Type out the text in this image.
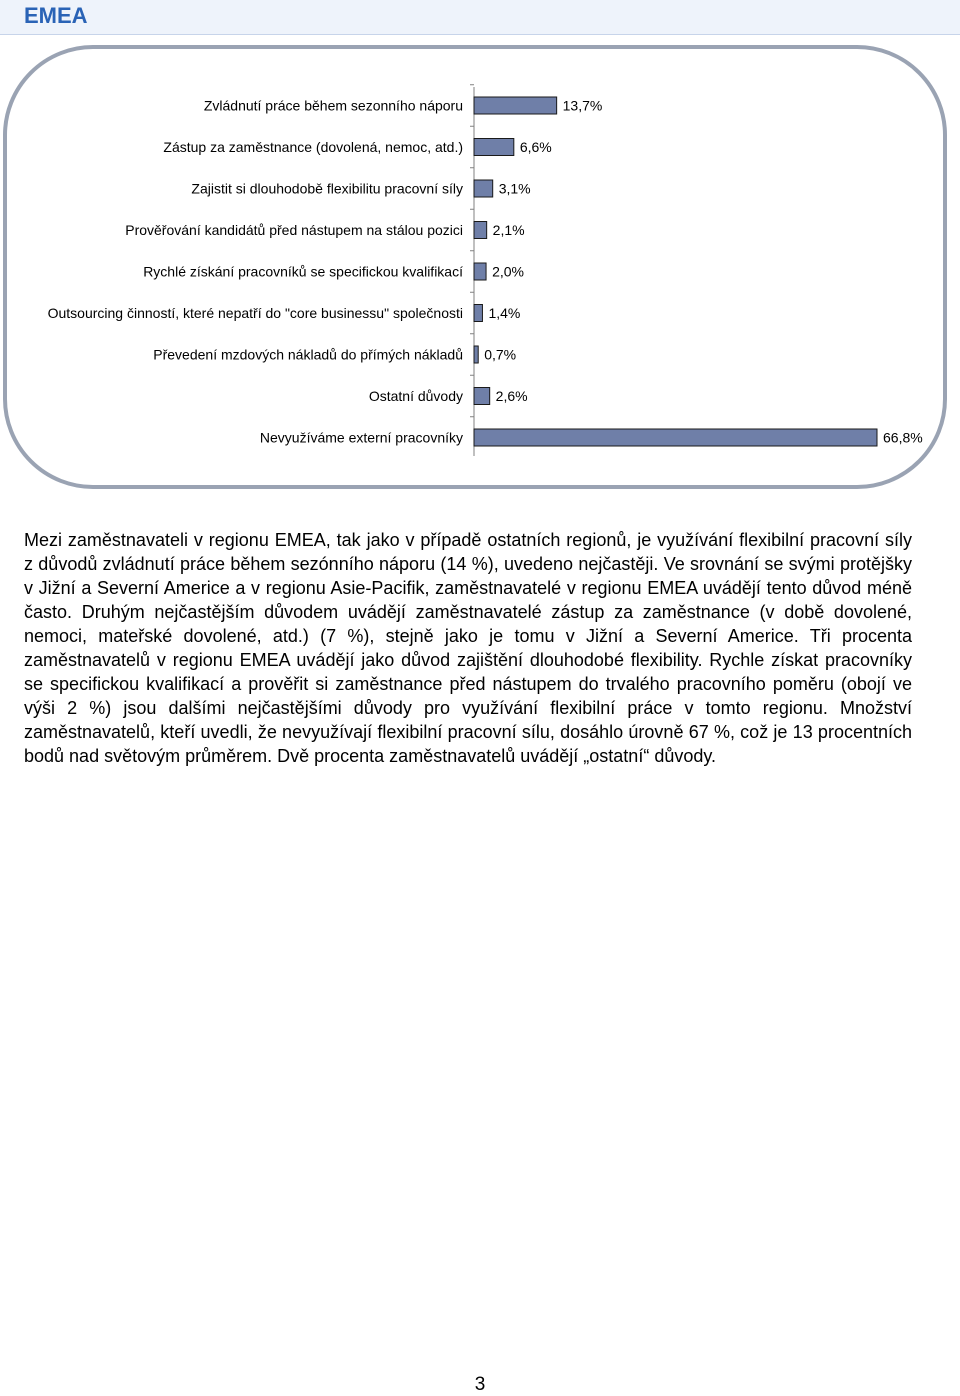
EMEA
Zvládnutí práce během sezonního náporu	13,7%
Zástup za zaměstnance (dovolená, nemoc, atd.)	6,6%
Zajistit si dlouhodobě flexibilitu pracovní síly	3,1%
Prověřování kandidátů před nástupem na stálou pozici 2,1%
Rychlé získání pracovníků se specifickou kvalifikací 2,0%
Outsourcing činností, které nepatří do "core businessu" společnosti 1,4%
Převedení mzdových nákladů do přímých nákladů 0,7%
Ostatní důvody 2,6%
Nevyužíváme externí pracovníky	66,8%

Mezi zaměstnavateli v regionu EMEA, tak jako v případě ostatních regionů, je využívání flexibilní pracovní síly z důvodů zvládnutí práce během sezónního náporu (14 %), uvedeno nejčastěji. Ve srovnání se svými protějšky v Jižní a Severní Americe a v regionu Asie-Pacifik, zaměstnavatelé v regionu EMEA uvádějí tento důvod méně často. Druhým nejčastějším důvodem uvádějí zaměstnavatelé zástup za zaměstnance (v době dovolené, nemoci, mateřské dovolené, atd.) (7 %), stejně jako je tomu v Jižní a Severní Americe. Tři procenta zaměstnavatelů v regionu EMEA uvádějí jako důvod zajištění dlouhodobé flexibility. Rychle získat pracovníky se specifickou kvalifikací a prověřit si zaměstnance před nástupem do trvalého pracovního poměru (obojí ve výši 2 %) jsou dalšími nejčastějšími důvody pro využívání flexibilní práce v tomto regionu. Množství zaměstnavatelů, kteří uvedli, že nevyužívají flexibilní pracovní sílu, dosáhlo úrovně 67 %, což je 13 procentních bodů nad světovým průměrem. Dvě procenta zaměstnavatelů uvádějí „ostatní“ důvody.

3
